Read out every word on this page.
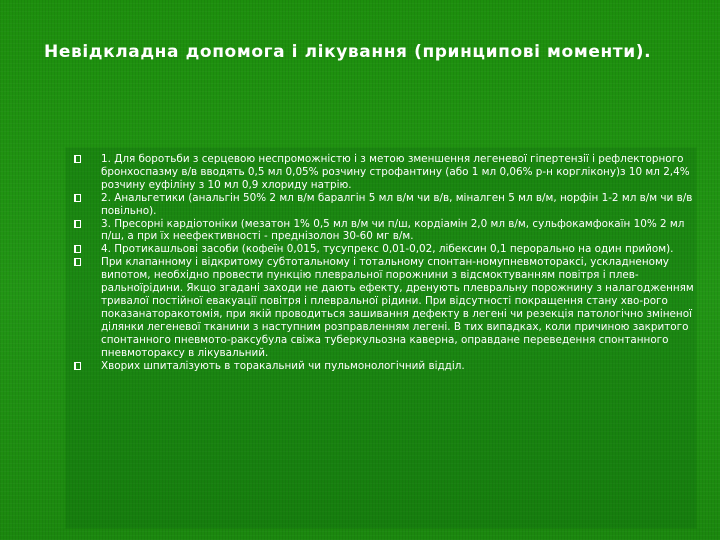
Невідкладна допомога і лікування (принципові моменти).
1. Для боротьби з серцевою неспроможністю і з метою зменшення легеневої гіпертензії і рефлекторного бронхоспазму в/в вводять 0,5 мл 0,05% розчину строфантину (або 1 мл 0,06% р-н корглікону)з 10 мл 2,4% розчину еуфіліну з 10 мл 0,9 хлориду натрію.
2. Анальгетики (анальгін 50% 2 мл в/м баралгін 5 мл в/м чи в/в, мiналгeн 5 мл в/м, норфін 1-2 мл в/м чи в/в повільно).
3. Пресорні кардіотоніки (мезатон 1% 0,5 мл в/м чи п/ш, кордіамін 2,0 мл в/м, сульфокамфокаїн 10% 2 мл п/ш, а при їх неефективності - преднізолон 30-60 мг в/м.
4. Протикашльові засоби (кофеїн 0,015, тусупрекс 0,01-0,02, лібексин 0,1 перорально на один прийом).
При клапанному і відкритому субтотальному і тотальному спонтан-номупневмотораксі, ускладненому випотом, необхідно провести пункцію плевральної порожнини з відсмоктуванням повітря і плев-ральноїрідини. Якщо згадані заходи не дають ефекту, дренують плевральну порожнину з налагодженням тривалої постійної евакуації повітря і плевральної рідини. При відсутності покращення стану хво-рого показанаторакотомія, при якій проводиться зашивання дефекту в легені чи резекція патологічно зміненої ділянки легеневої тканини з наступним розправленням легені. В тих випадках, коли причиною закритого спонтанного пневмото-раксубула свіжа туберкульозна каверна, оправдане переведення спонтанного пневмотораксу в лікувальний.
Хворих шпиталізують в торакальний чи пульмонологічний відділ.
